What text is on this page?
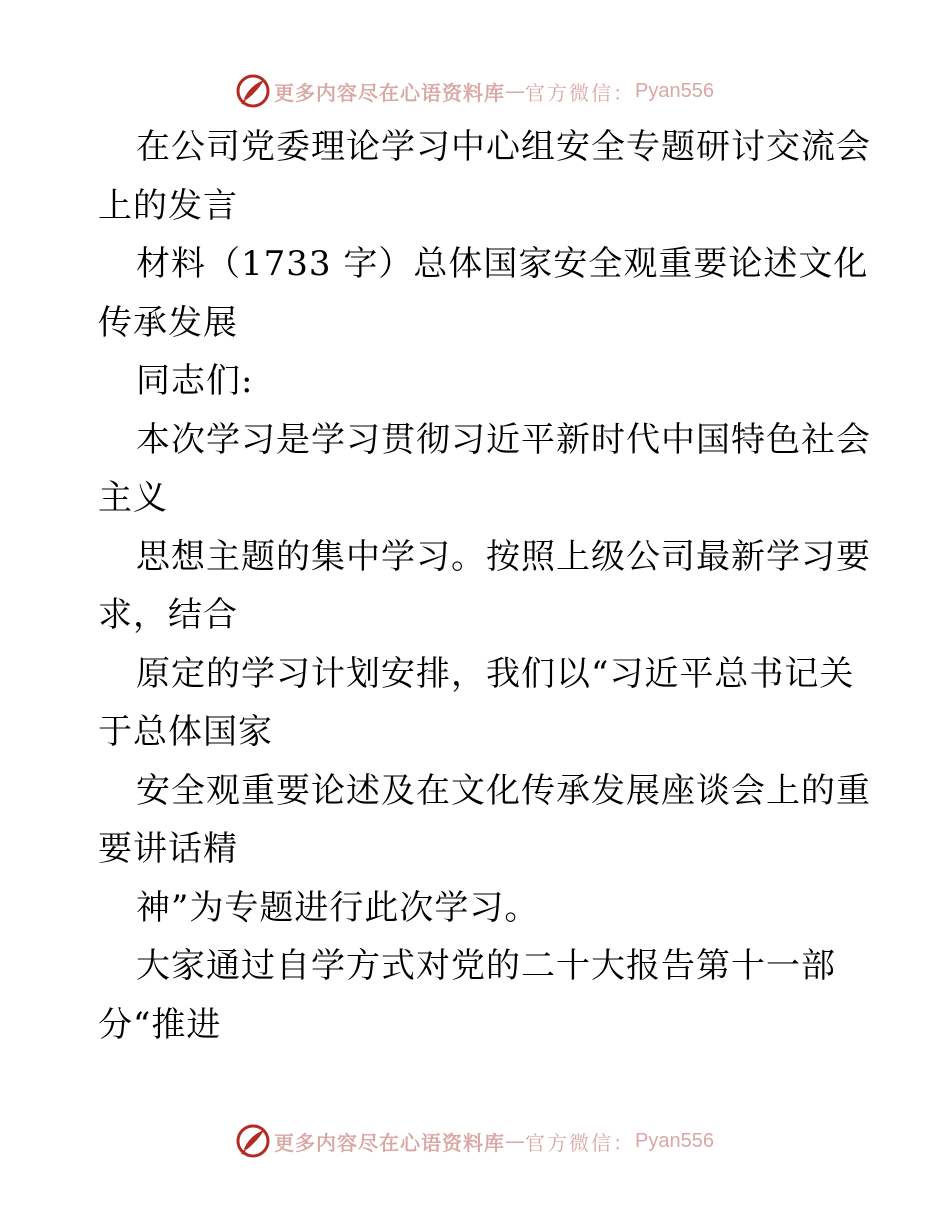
更多内容尽在心语资料库 — 官方微信： Pyan556
在公司党委理论学习中心组安全专题研讨交流会
上的发言
材料（1733 字）总体国家安全观重要论述文化
传承发展
同志们:
本次学习是学习贯彻习近平新时代中国特色社会
主义
思想主题的集中学习。按照上级公司最新学习要
求，结合
原定的学习计划安排，我们以“习近平总书记关
于总体国家
安全观重要论述及在文化传承发展座谈会上的重
要讲话精
神”为专题进行此次学习。
大家通过自学方式对党的二十大报告第十一部
分“推进
更多内容尽在心语资料库 — 官方微信： Pyan556
